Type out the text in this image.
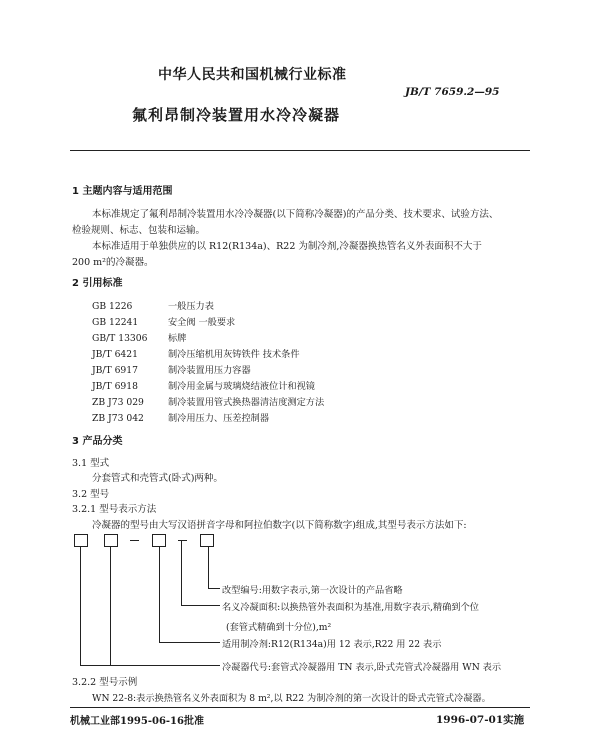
中华人民共和国机械行业标准
JB/T 7659.2—95
氟利昂制冷装置用水冷冷凝器
1 主题内容与适用范围
本标准规定了氟利昂制冷装置用水冷冷凝器(以下简称冷凝器)的产品分类、技术要求、试验方法、
检验规则、标志、包装和运输。
本标准适用于单独供应的以 R12(R134a)、R22 为制冷剂,冷凝器换热管名义外表面积不大于
200 m²的冷凝器。
2 引用标准
GB 1226	一般压力表
GB 12241	安全阀 一般要求
GB/T 13306 标牌
JB/T 6421	制冷压缩机用灰铸铁件 技术条件
JB/T 6917	制冷装置用压力容器
JB/T 6918	制冷用金属与玻璃烧结液位计和视镜
ZB J73 029	制冷装置用管式换热器清洁度测定方法
ZB J73 042	制冷用压力、压差控制器
3 产品分类
3.1 型式
分套管式和壳管式(卧式)两种。
3.2 型号
3.2.1 型号表示方法
冷凝器的型号由大写汉语拼音字母和阿拉伯数字(以下简称数字)组成,其型号表示方法如下:
改型编号:用数字表示,第一次设计的产品省略
名义冷凝面积:以换热管外表面积为基准,用数字表示,精确到个位
(套管式精确到十分位),m²
适用制冷剂:R12(R134a)用 12 表示,R22 用 22 表示
冷凝器代号:套管式冷凝器用 TN 表示,卧式壳管式冷凝器用 WN 表示
3.2.2 型号示例
WN 22-8:表示换热管名义外表面积为 8 m²,以 R22 为制冷剂的第一次设计的卧式壳管式冷凝器。
机械工业部1995-06-16批准	1996-07-01实施
